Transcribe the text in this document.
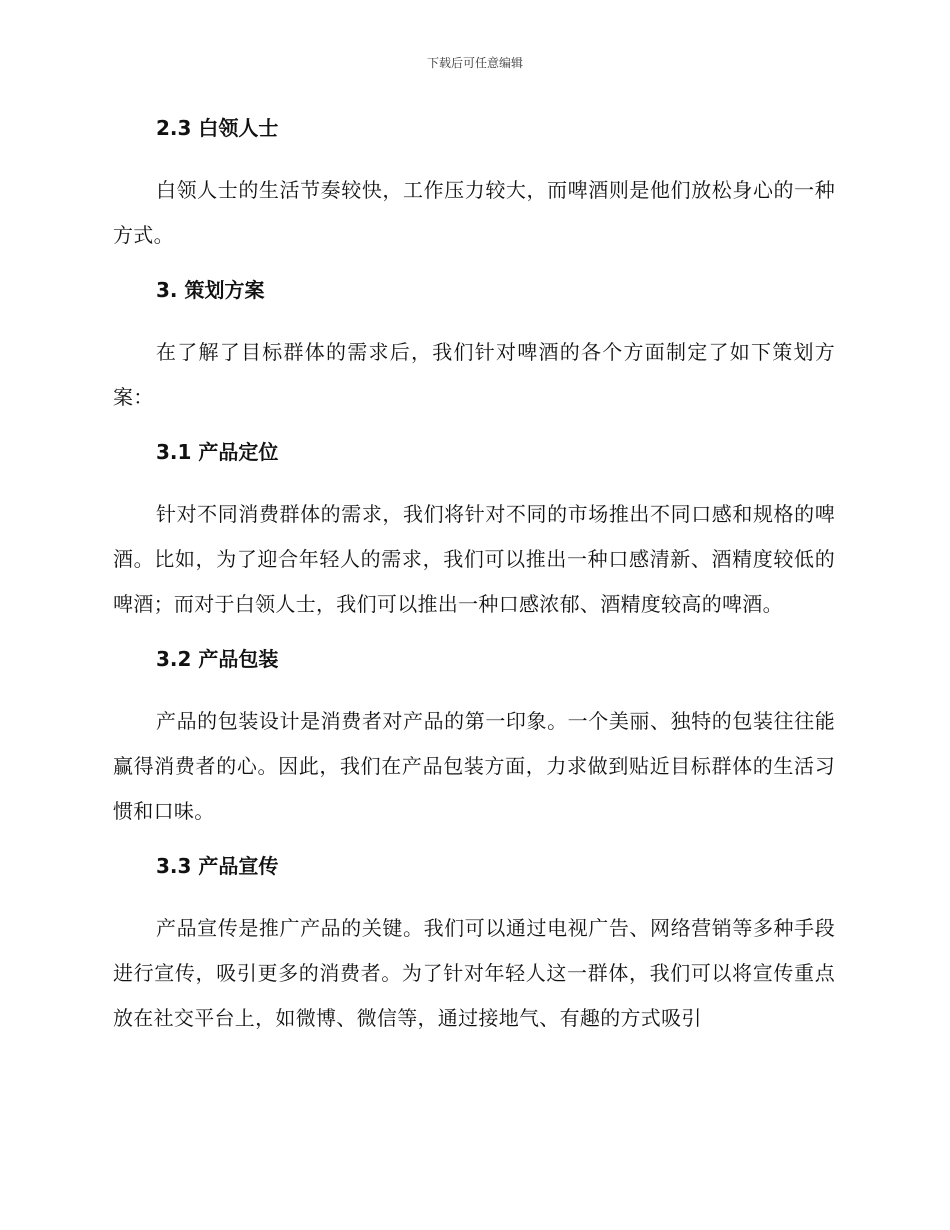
下载后可任意编辑
2.3 白领人士

白领人士的生活节奏较快，工作压力较大，而啤酒则是他们放松身心的一种方式。

3. 策划方案

在了解了目标群体的需求后，我们针对啤酒的各个方面制定了如下策划方案：

3.1 产品定位

针对不同消费群体的需求，我们将针对不同的市场推出不同口感和规格的啤酒。比如，为了迎合年轻人的需求，我们可以推出一种口感清新、酒精度较低的啤酒；而对于白领人士，我们可以推出一种口感浓郁、酒精度较高的啤酒。

3.2 产品包装

产品的包装设计是消费者对产品的第一印象。一个美丽、独特的包装往往能赢得消费者的心。因此，我们在产品包装方面，力求做到贴近目标群体的生活习惯和口味。

3.3 产品宣传

产品宣传是推广产品的关键。我们可以通过电视广告、网络营销等多种手段进行宣传，吸引更多的消费者。为了针对年轻人这一群体，我们可以将宣传重点放在社交平台上，如微博、微信等，通过接地气、有趣的方式吸引
